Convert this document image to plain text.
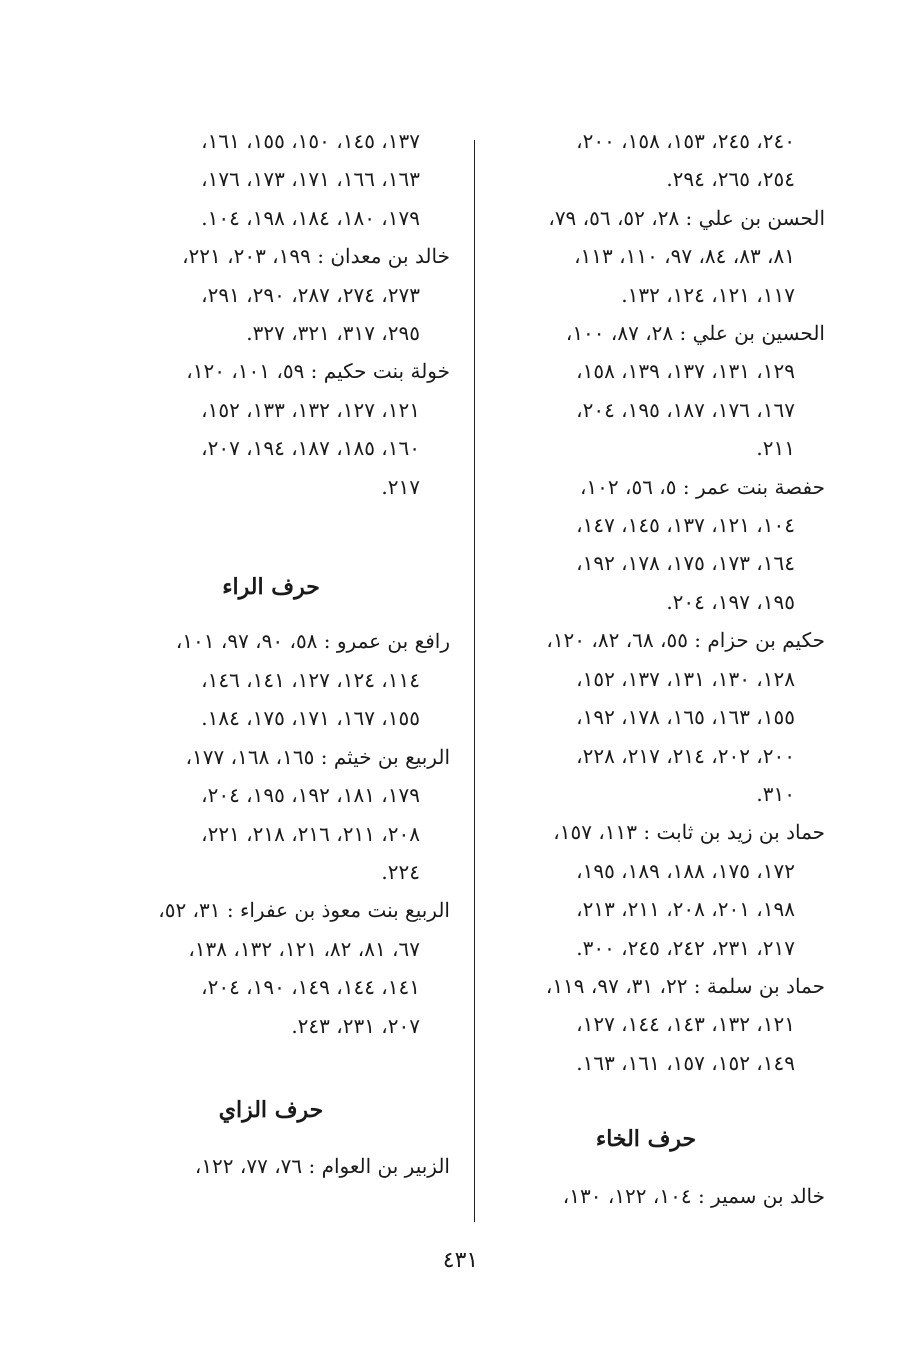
٢٤٠، ٢٤٥، ١٥٣، ١٥٨، ٢٠٠،
٢٥٤، ٢٦٥، ٢٩٤.
الحسن بن علي : ٢٨، ٥٢، ٥٦، ٧٩،
٨١، ٨٣، ٨٤، ٩٧، ١١٠، ١١٣،
١١٧، ١٢١، ١٢٤، ١٣٢.
الحسين بن علي : ٢٨، ٨٧، ١٠٠،
١٢٩، ١٣١، ١٣٧، ١٣٩، ١٥٨،
١٦٧، ١٧٦، ١٨٧، ١٩٥، ٢٠٤،
٢١١.
حفصة بنت عمر : ٥، ٥٦، ١٠٢،
١٠٤، ١٢١، ١٣٧، ١٤٥، ١٤٧،
١٦٤، ١٧٣، ١٧٥، ١٧٨، ١٩٢،
١٩٥، ١٩٧، ٢٠٤.
حكيم بن حزام : ٥٥، ٦٨، ٨٢، ١٢٠،
١٢٨، ١٣٠، ١٣١، ١٣٧، ١٥٢،
١٥٥، ١٦٣، ١٦٥، ١٧٨، ١٩٢،
٢٠٠، ٢٠٢، ٢١٤، ٢١٧، ٢٢٨،
٣١٠.
حماد بن زيد بن ثابت : ١١٣، ١٥٧،
١٧٢، ١٧٥، ١٨٨، ١٨٩، ١٩٥،
١٩٨، ٢٠١، ٢٠٨، ٢١١، ٢١٣،
٢١٧، ٢٣١، ٢٤٢، ٢٤٥، ٣٠٠.
حماد بن سلمة : ٢٢، ٣١، ٩٧، ١١٩،
١٢١، ١٣٢، ١٤٣، ١٤٤، ١٢٧،
١٤٩، ١٥٢، ١٥٧، ١٦١، ١٦٣.
حرف الخاء
خالد بن سمير : ١٠٤، ١٢٢، ١٣٠،
١٣٧، ١٤٥، ١٥٠، ١٥٥، ١٦١،
١٦٣، ١٦٦، ١٧١، ١٧٣، ١٧٦،
١٧٩، ١٨٠، ١٨٤، ١٩٨، ١٠٤.
خالد بن معدان : ١٩٩، ٢٠٣، ٢٢١،
٢٧٣، ٢٧٤، ٢٨٧، ٢٩٠، ٢٩١،
٢٩٥، ٣١٧، ٣٢١، ٣٢٧.
خولة بنت حكيم : ٥٩، ١٠١، ١٢٠،
١٢١، ١٢٧، ١٣٢، ١٣٣، ١٥٢،
١٦٠، ١٨٥، ١٨٧، ١٩٤، ٢٠٧،
٢١٧.
حرف الراء
رافع بن عمرو : ٥٨، ٩٠، ٩٧، ١٠١،
١١٤، ١٢٤، ١٢٧، ١٤١، ١٤٦،
١٥٥، ١٦٧، ١٧١، ١٧٥، ١٨٤.
الربيع بن خيثم : ١٦٥، ١٦٨، ١٧٧،
١٧٩، ١٨١، ١٩٢، ١٩٥، ٢٠٤،
٢٠٨، ٢١١، ٢١٦، ٢١٨، ٢٢١،
٢٢٤.
الربيع بنت معوذ بن عفراء : ٣١، ٥٢،
٦٧، ٨١، ٨٢، ١٢١، ١٣٢، ١٣٨،
١٤١، ١٤٤، ١٤٩، ١٩٠، ٢٠٤،
٢٠٧، ٢٣١، ٢٤٣.
حرف الزاي
الزبير بن العوام : ٧٦، ٧٧، ١٢٢،
٤٣١
